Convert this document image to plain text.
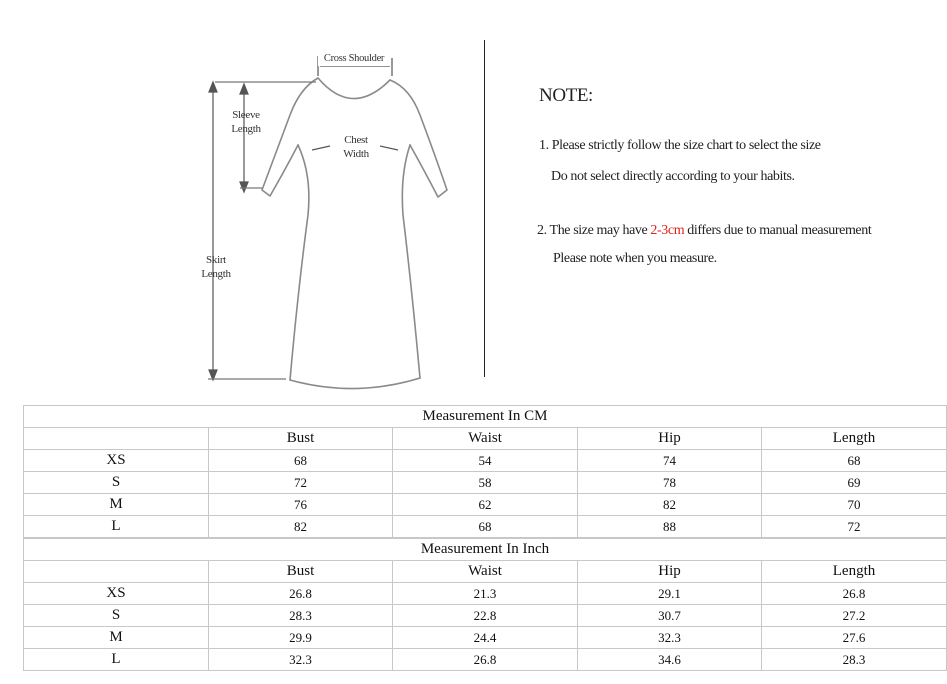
Cross Shoulder
Sleeve Length
Chest Width
Skirt Length
NOTE:
1. Please strictly follow the size chart to select the size
Do not select directly according to your habits.
2. The size may have 2-3cm differs due to manual measurement
Please note when you measure.
Measurement In CM				
	Bust	Waist	Hip	Length
XS	68	54	74	68
S	72	58	78	69
M	76	62	82	70
L	82	68	88	72
Measurement In Inch				
	Bust	Waist	Hip	Length
XS	26.8	21.3	29.1	26.8
S	28.3	22.8	30.7	27.2
M	29.9	24.4	32.3	27.6
L	32.3	26.8	34.6	28.3
